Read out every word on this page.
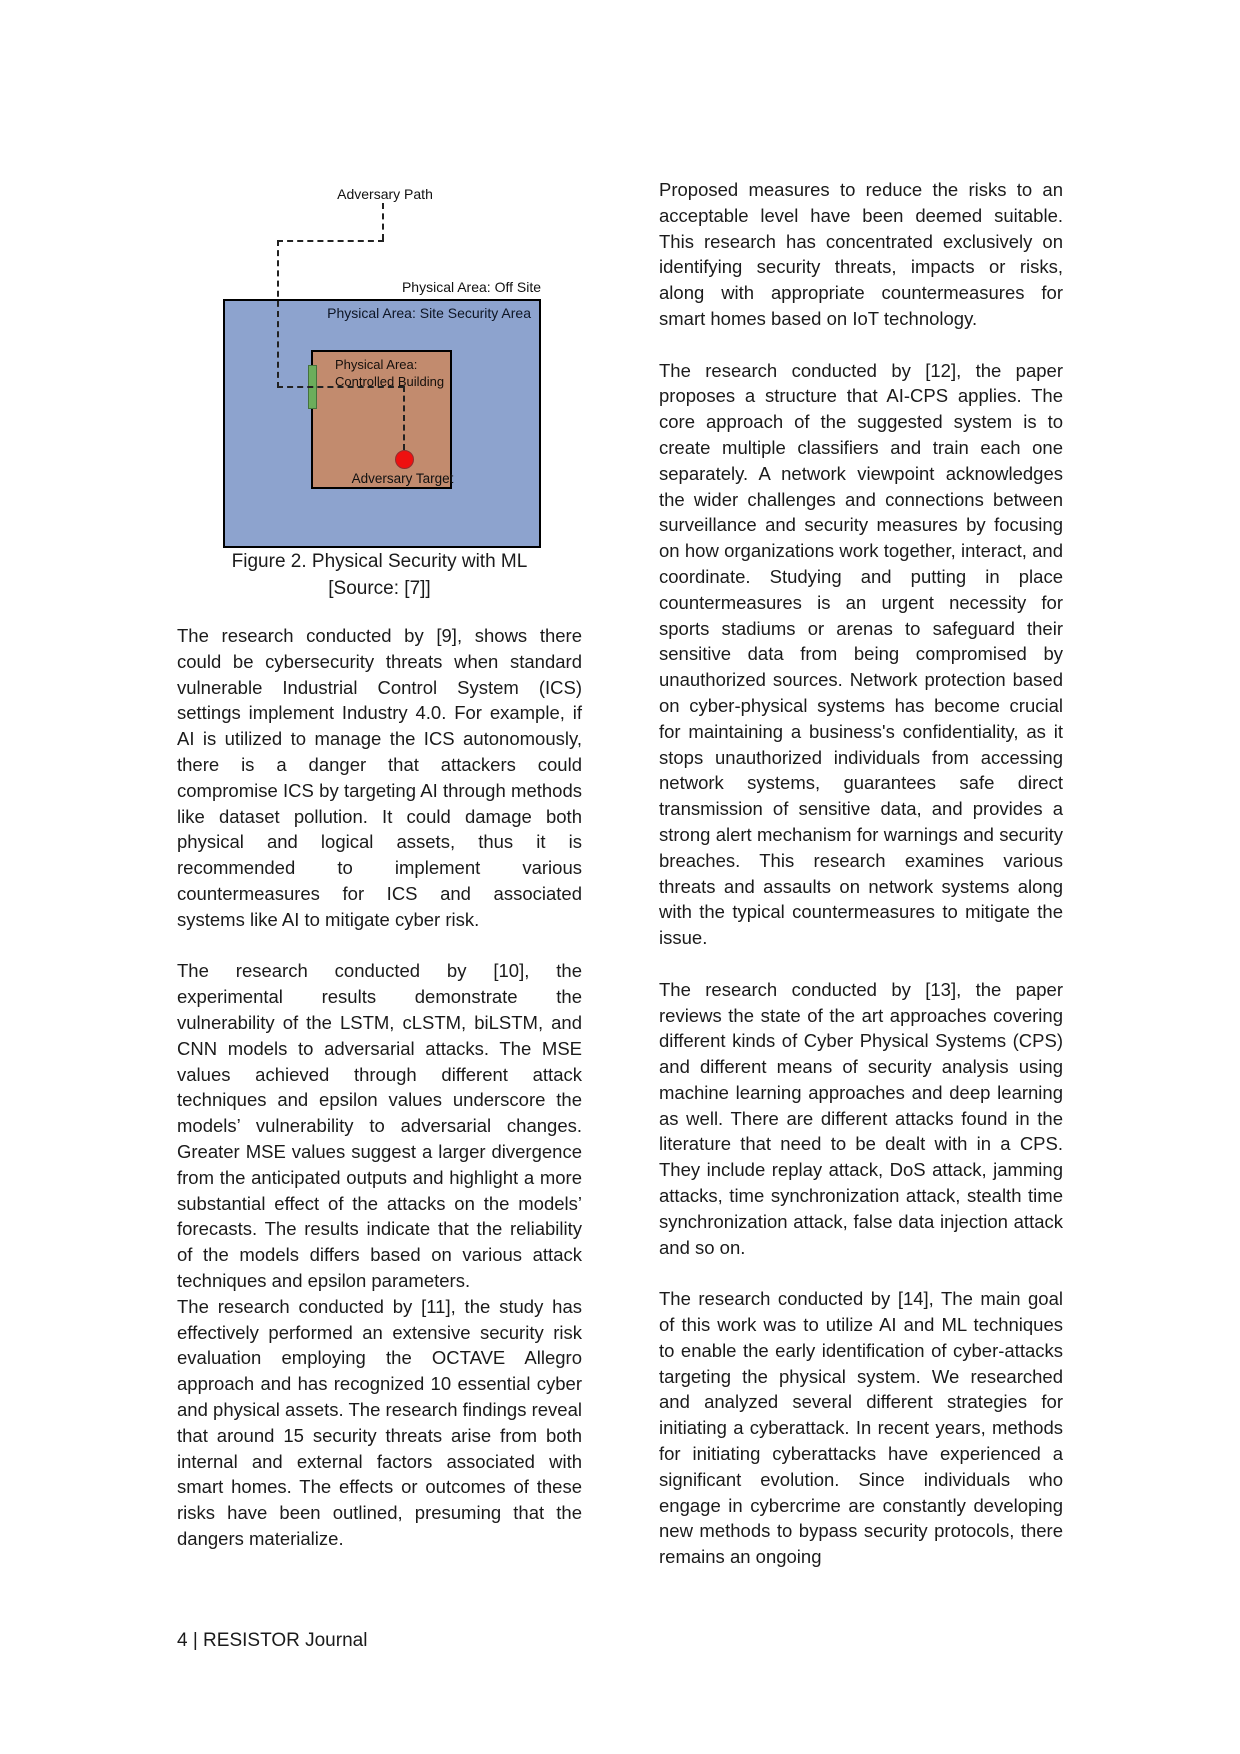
Adversary Path
Physical Area: Off Site
Physical Area: Site Security Area
Physical Area: Controlled Building
Adversary Target
Figure 2. Physical Security with ML
[Source: [7]]

The research conducted by [9], shows there could be cybersecurity threats when standard vulnerable Industrial Control System (ICS) settings implement Industry 4.0. For example, if AI is utilized to manage the ICS autonomously, there is a danger that attackers could compromise ICS by targeting AI through methods like dataset pollution. It could damage both physical and logical assets, thus it is recommended to implement various countermeasures for ICS and associated systems like AI to mitigate cyber risk.

The research conducted by [10], the experimental results demonstrate the vulnerability of the LSTM, cLSTM, biLSTM, and CNN models to adversarial attacks. The MSE values achieved through different attack techniques and epsilon values underscore the models’ vulnerability to adversarial changes. Greater MSE values suggest a larger divergence from the anticipated outputs and highlight a more substantial effect of the attacks on the models’ forecasts. The results indicate that the reliability of the models differs based on various attack techniques and epsilon parameters.

The research conducted by [11], the study has effectively performed an extensive security risk evaluation employing the OCTAVE Allegro approach and has recognized 10 essential cyber and physical assets. The research findings reveal that around 15 security threats arise from both internal and external factors associated with smart homes. The effects or outcomes of these risks have been outlined, presuming that the dangers materialize.

Proposed measures to reduce the risks to an acceptable level have been deemed suitable. This research has concentrated exclusively on identifying security threats, impacts or risks, along with appropriate countermeasures for smart homes based on IoT technology.

The research conducted by [12], the paper proposes a structure that AI-CPS applies. The core approach of the suggested system is to create multiple classifiers and train each one separately. A network viewpoint acknowledges the wider challenges and connections between surveillance and security measures by focusing on how organizations work together, interact, and coordinate. Studying and putting in place countermeasures is an urgent necessity for sports stadiums or arenas to safeguard their sensitive data from being compromised by unauthorized sources. Network protection based on cyber-physical systems has become crucial for maintaining a business's confidentiality, as it stops unauthorized individuals from accessing network systems, guarantees safe direct transmission of sensitive data, and provides a strong alert mechanism for warnings and security breaches. This research examines various threats and assaults on network systems along with the typical countermeasures to mitigate the issue.

The research conducted by [13], the paper reviews the state of the art approaches covering different kinds of Cyber Physical Systems (CPS) and different means of security analysis using machine learning approaches and deep learning as well. There are different attacks found in the literature that need to be dealt with in a CPS. They include replay attack, DoS attack, jamming attacks, time synchronization attack, stealth time synchronization attack, false data injection attack and so on.

The research conducted by [14], The main goal of this work was to utilize AI and ML techniques to enable the early identification of cyber-attacks targeting the physical system. We researched and analyzed several different strategies for initiating a cyberattack. In recent years, methods for initiating cyberattacks have experienced a significant evolution. Since individuals who engage in cybercrime are constantly developing new methods to bypass security protocols, there remains an ongoing

4 | RESISTOR Journal
